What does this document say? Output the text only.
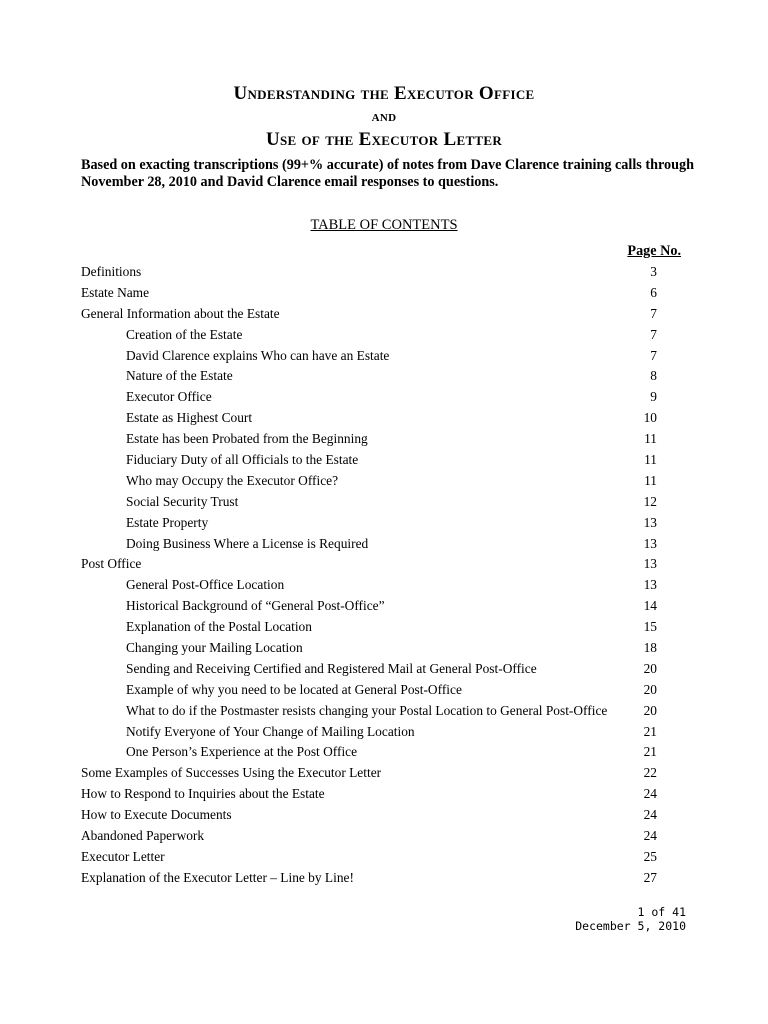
Understanding the Executor Office
and
Use of the Executor Letter
Based on exacting transcriptions (99+% accurate) of notes from Dave Clarence training calls through November 28, 2010 and David Clarence email responses to questions.
TABLE OF CONTENTS
Page No.
Definitions	3
Estate Name	6
General Information about the Estate	7
Creation of the Estate	7
David Clarence explains Who can have an Estate	7
Nature of the Estate	8
Executor Office	9
Estate as Highest Court	10
Estate has been Probated from the Beginning	11
Fiduciary Duty of all Officials to the Estate	11
Who may Occupy the Executor Office?	11
Social Security Trust	12
Estate Property	13
Doing Business Where a License is Required	13
Post Office	13
General Post-Office Location	13
Historical Background of “General Post-Office”	14
Explanation of the Postal Location	15
Changing your Mailing Location	18
Sending and Receiving Certified and Registered Mail at General Post-Office	20
Example of why you need to be located at General Post-Office	20
What to do if the Postmaster resists changing your Postal Location to General Post-Office	20
Notify Everyone of Your Change of Mailing Location	21
One Person’s Experience at the Post Office	21
Some Examples of Successes Using the Executor Letter	22
How to Respond to Inquiries about the Estate	24
How to Execute Documents	24
Abandoned Paperwork	24
Executor Letter	25
Explanation of the Executor Letter – Line by Line!	27
1 of 41
December 5, 2010
